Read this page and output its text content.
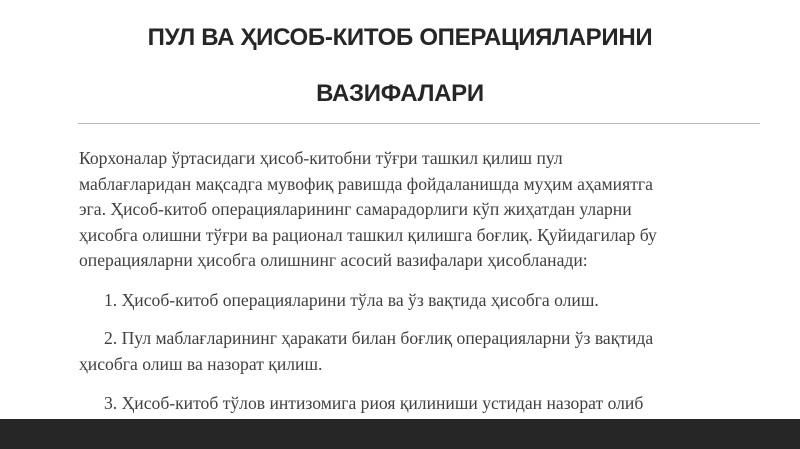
ПУЛ ВА ҲИСОБ-КИТОБ ОПЕРАЦИЯЛАРИНИ
ВАЗИФАЛАРИ
Корхоналар ўртасидаги ҳисоб-китобни тўғри ташкил қилиш пул
маблағларидан мақсадга мувофиқ равишда фойдаланишда муҳим аҳамиятга
эга. Ҳисоб-китоб операцияларининг самарадорлиги кўп жиҳатдан уларни
ҳисобга олишни тўғри ва рационал ташкил қилишга боғлиқ. Қуйидагилар бу
операцияларни ҳисобга олишнинг асосий вазифалари ҳисобланади:
1. Ҳисоб-китоб операцияларини тўла ва ўз вақтида ҳисобга олиш.
2. Пул маблағларининг ҳаракати билан боғлиқ операцияларни ўз вақтида
ҳисобга олиш ва назорат қилиш.
3. Ҳисоб-китоб тўлов интизомига риоя қилиниши устидан назорат олиб
